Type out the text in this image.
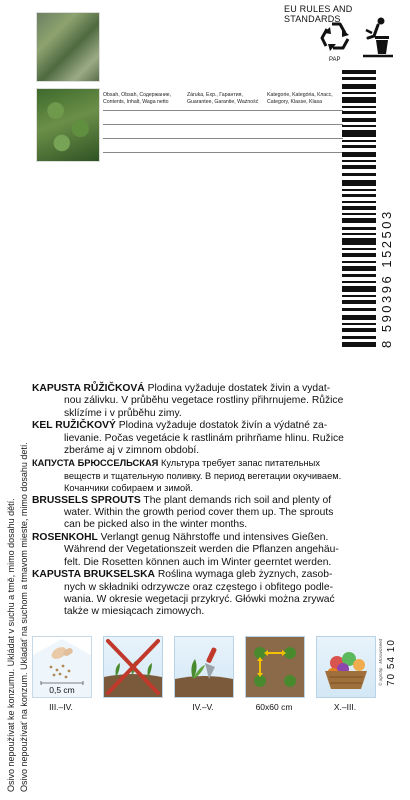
Osivo nepoužívat ke konzumu. Ukládat v suchu a tmě, mimo dosahu dětí. Osivo nepoužívať na konzum. Ukladať na suchom a tmavom mieste, mimo dosahu detí.
Obsah, Obsah, Содержание, Contents, Inhalt, Waga netto
Záruka, Exp., Гарантия, Guarantee, Garantie, Ważność
Kategorie, Kategória, Класс, Category, Klasse, Klasa
EU RULES AND STANDARDS
PAP
8 590396 152503

KAPUSTA RŮŽIČKOVÁ Plodina vyžaduje dostatek živin a vydat-
nou zálivku. V průběhu vegetace rostliny přihrnujeme. Růžice
sklízíme i v průběhu zimy.

KEL RUŽIČKOVÝ Plodina vyžaduje dostatok živín a výdatné za-
lievanie. Počas vegetácie k rastlinám prihrňame hlinu. Ružice
zberáme aj v zimnom období.

КАПУСТА БРЮССЕЛЬСКАЯ Культура требует запас питательных
веществ и тщательную поливку. В период вегетации окучиваем.
Кочанчики собираем и зимой.

BRUSSELS SPROUTS The plant demands rich soil and plenty of
water. Within the growth period cover them up. The sprouts
can be picked also in the winter months.

ROSENKOHL Verlangt genug Nährstoffe und intensives Gießen.
Während der Vegetationszeit werden die Pflanzen angehäu-
felt. Die Rosetten können auch im Winter geerntet werden.

KAPUSTA BRUKSELSKA Roślina wymaga gleb żyznych, zasob-
nych w składniki odrzywcze oraz częstego i obfitego podle-
wania. W okresie wegetacji przykryć. Główki można zrywać
także w miesiącach zimowych.

0,5 cm
III.–IV.	IV.–V.	60x60 cm	X.–III.
70 54 10
© agrotip · Moravoseed
